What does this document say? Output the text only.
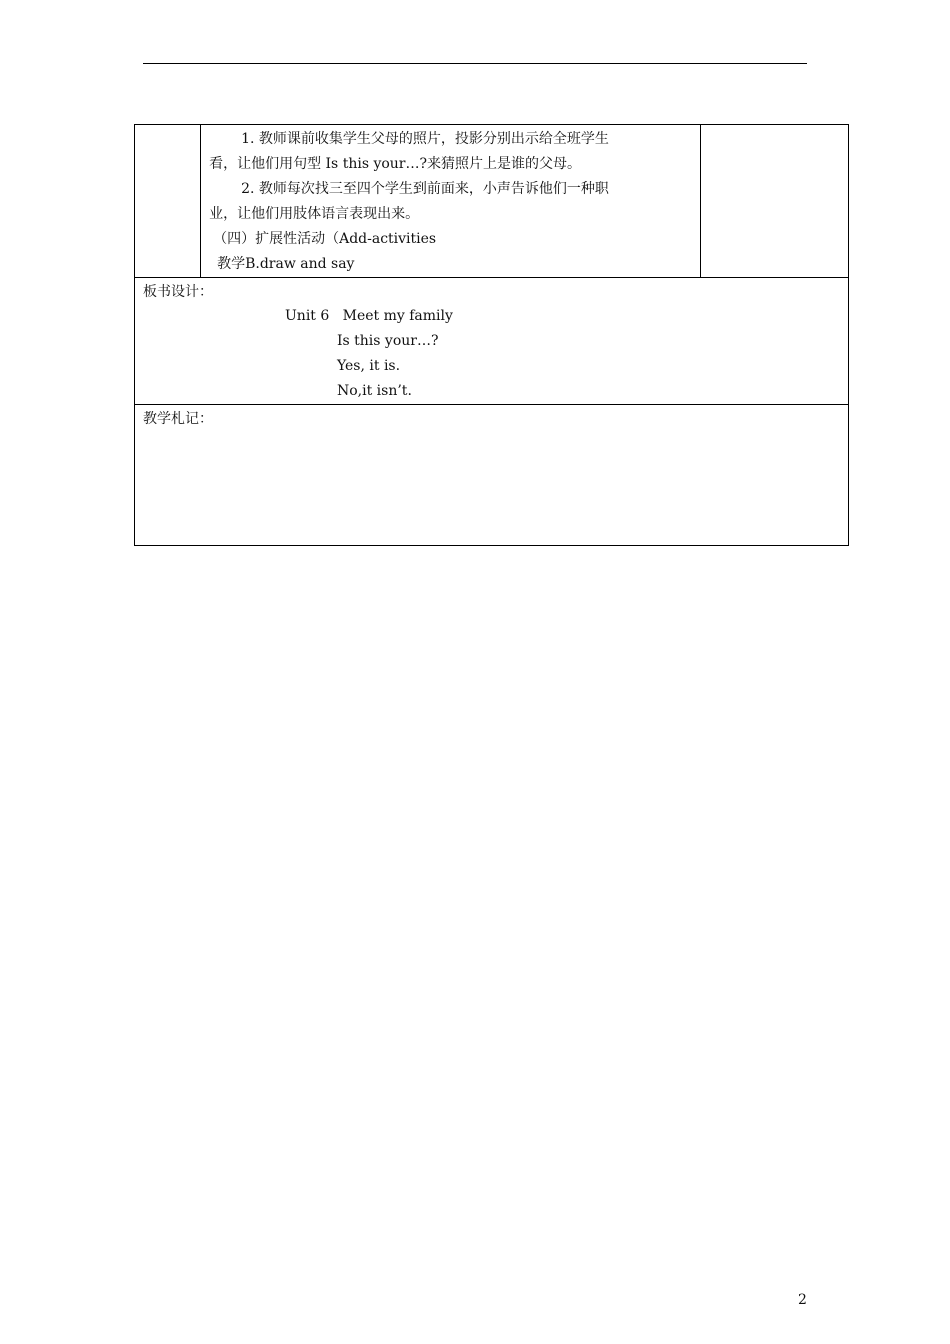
1. 教师课前收集学生父母的照片，投影分别出示给全班学生

看，让他们用句型 Is this your…?来猜照片上是谁的父母。

2. 教师每次找三至四个学生到前面来，小声告诉他们一种职

业，让他们用肢体语言表现出来。

（四）扩展性活动（Add-activities

教学B.draw and say

板书设计：

Unit 6   Meet my family
Is this your…?
Yes, it is.
No,it isn’t.

教学札记：

2
